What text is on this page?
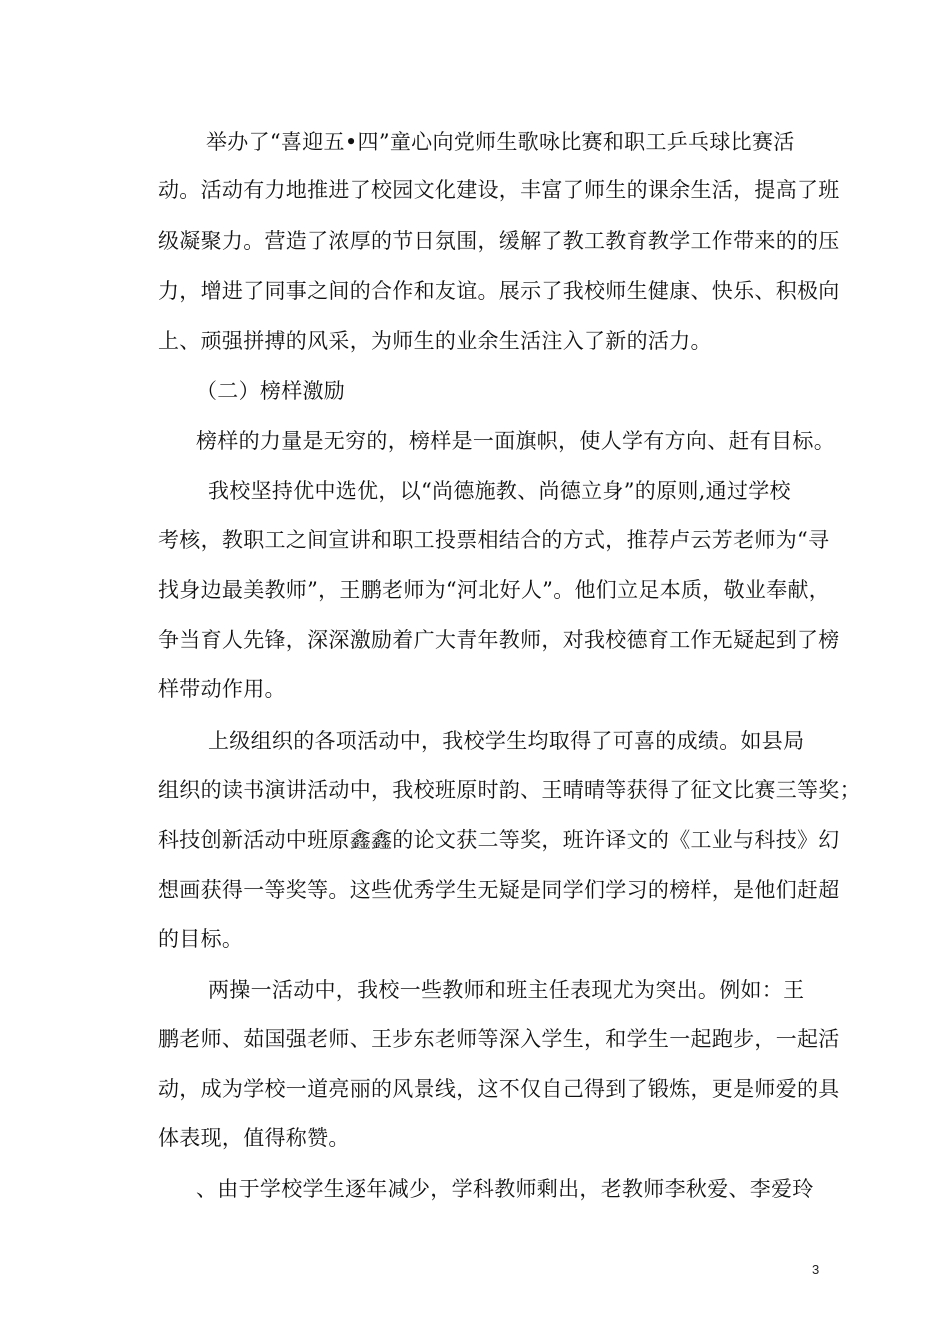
举办了“喜迎五•四”童心向党师生歌咏比赛和职工乒乓球比赛活
动。活动有力地推进了校园文化建设，丰富了师生的课余生活，提高了班
级凝聚力。营造了浓厚的节日氛围，缓解了教工教育教学工作带来的的压
力，增进了同事之间的合作和友谊。展示了我校师生健康、快乐、积极向
上、顽强拼搏的风采，为师生的业余生活注入了新的活力。
（二）榜样激励
榜样的力量是无穷的，榜样是一面旗帜，使人学有方向、赶有目标。
我校坚持优中选优，以“尚德施教、尚德立身”的原则,通过学校
考核，教职工之间宣讲和职工投票相结合的方式，推荐卢云芳老师为“寻
找身边最美教师”，王鹏老师为“河北好人”。他们立足本质，敬业奉献，
争当育人先锋，深深激励着广大青年教师，对我校德育工作无疑起到了榜
样带动作用。
上级组织的各项活动中，我校学生均取得了可喜的成绩。如县局
组织的读书演讲活动中，我校班原时韵、王晴晴等获得了征文比赛三等奖；
科技创新活动中班原鑫鑫的论文获二等奖，班许译文的《工业与科技》幻
想画获得一等奖等。这些优秀学生无疑是同学们学习的榜样，是他们赶超
的目标。
两操一活动中，我校一些教师和班主任表现尤为突出。例如：王
鹏老师、茹国强老师、王步东老师等深入学生，和学生一起跑步，一起活
动，成为学校一道亮丽的风景线，这不仅自己得到了锻炼，更是师爱的具
体表现，值得称赞。
、由于学校学生逐年减少，学科教师剩出，老教师李秋爱、李爱玲
3
